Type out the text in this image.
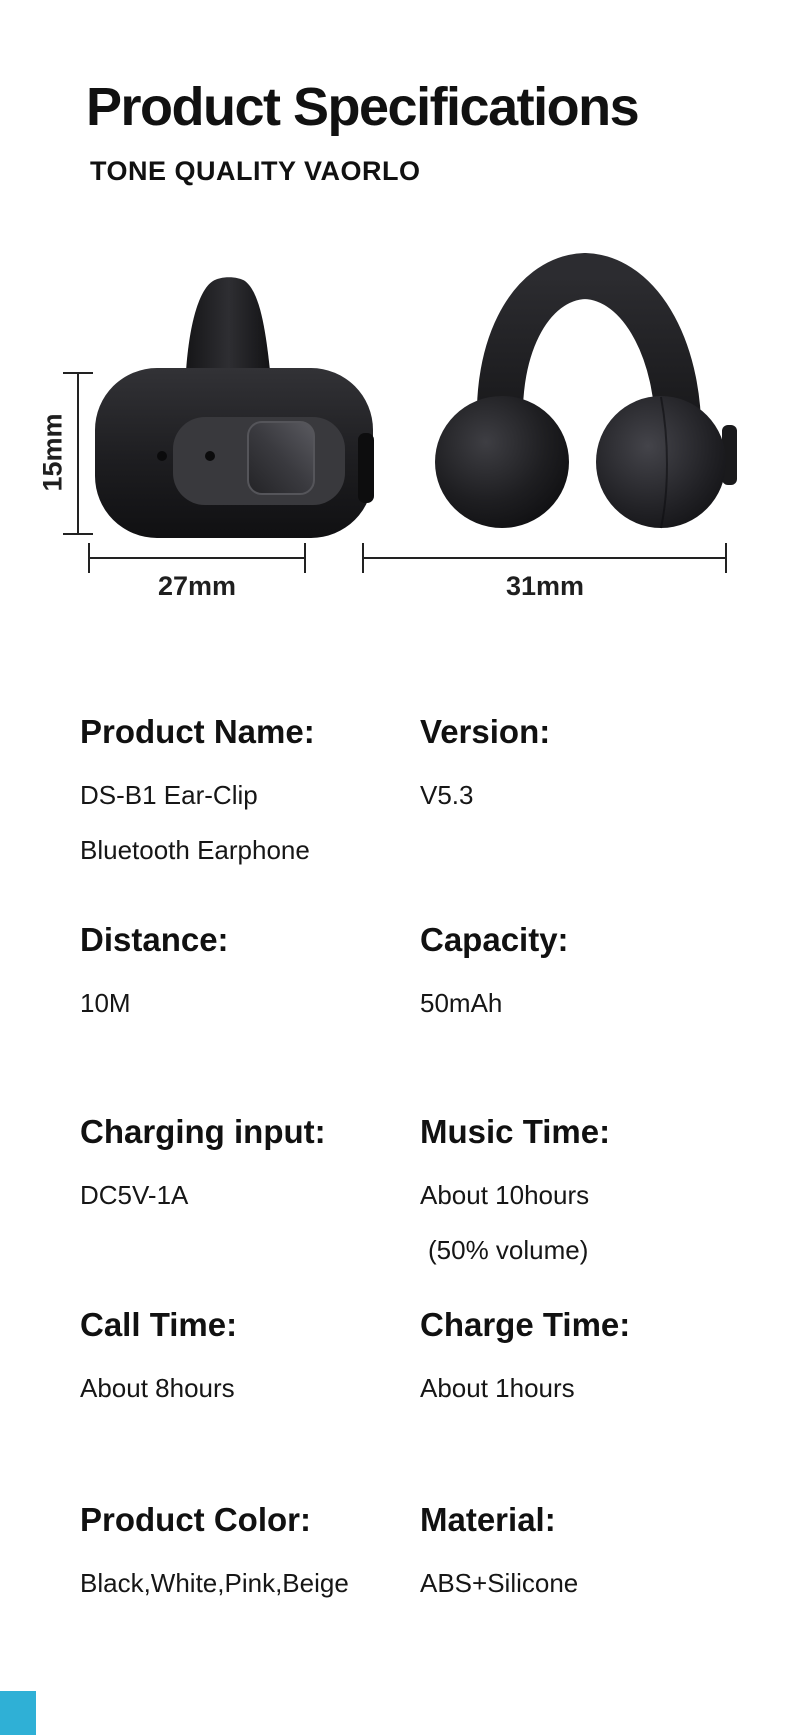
Product Specifications
TONE QUALITY VAORLO
15mm
27mm	31mm
Product Name:
DS-B1 Ear-Clip
Bluetooth Earphone
Version:
V5.3
Distance:
10M
Capacity:
50mAh
Charging input:
DC5V-1A
Music Time:
About 10hours
(50% volume)
Call Time:
About 8hours
Charge Time:
About 1hours
Product Color:
Black,White,Pink,Beige
Material:
ABS+Silicone
